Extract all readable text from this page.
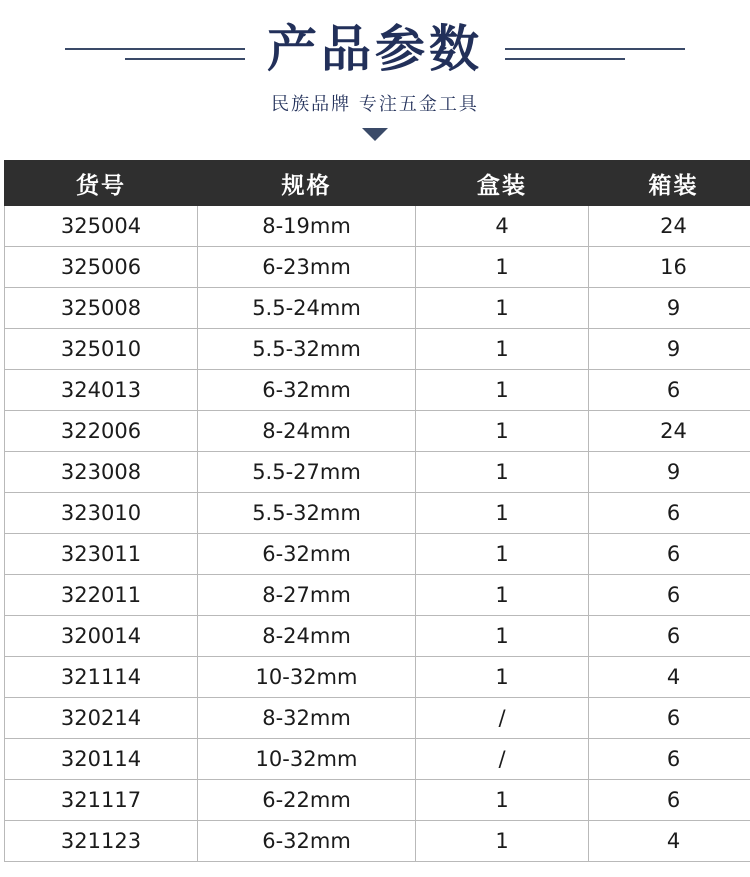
产品参数
民族品牌 专注五金工具
货号	规格	盒装	箱装
325004	8-19mm	4	24
325006	6-23mm	1	16
325008	5.5-24mm	1	9
325010	5.5-32mm	1	9
324013	6-32mm	1	6
322006	8-24mm	1	24
323008	5.5-27mm	1	9
323010	5.5-32mm	1	6
323011	6-32mm	1	6
322011	8-27mm	1	6
320014	8-24mm	1	6
321114	10-32mm	1	4
320214	8-32mm	/	6
320114	10-32mm	/	6
321117	6-22mm	1	6
321123	6-32mm	1	4
